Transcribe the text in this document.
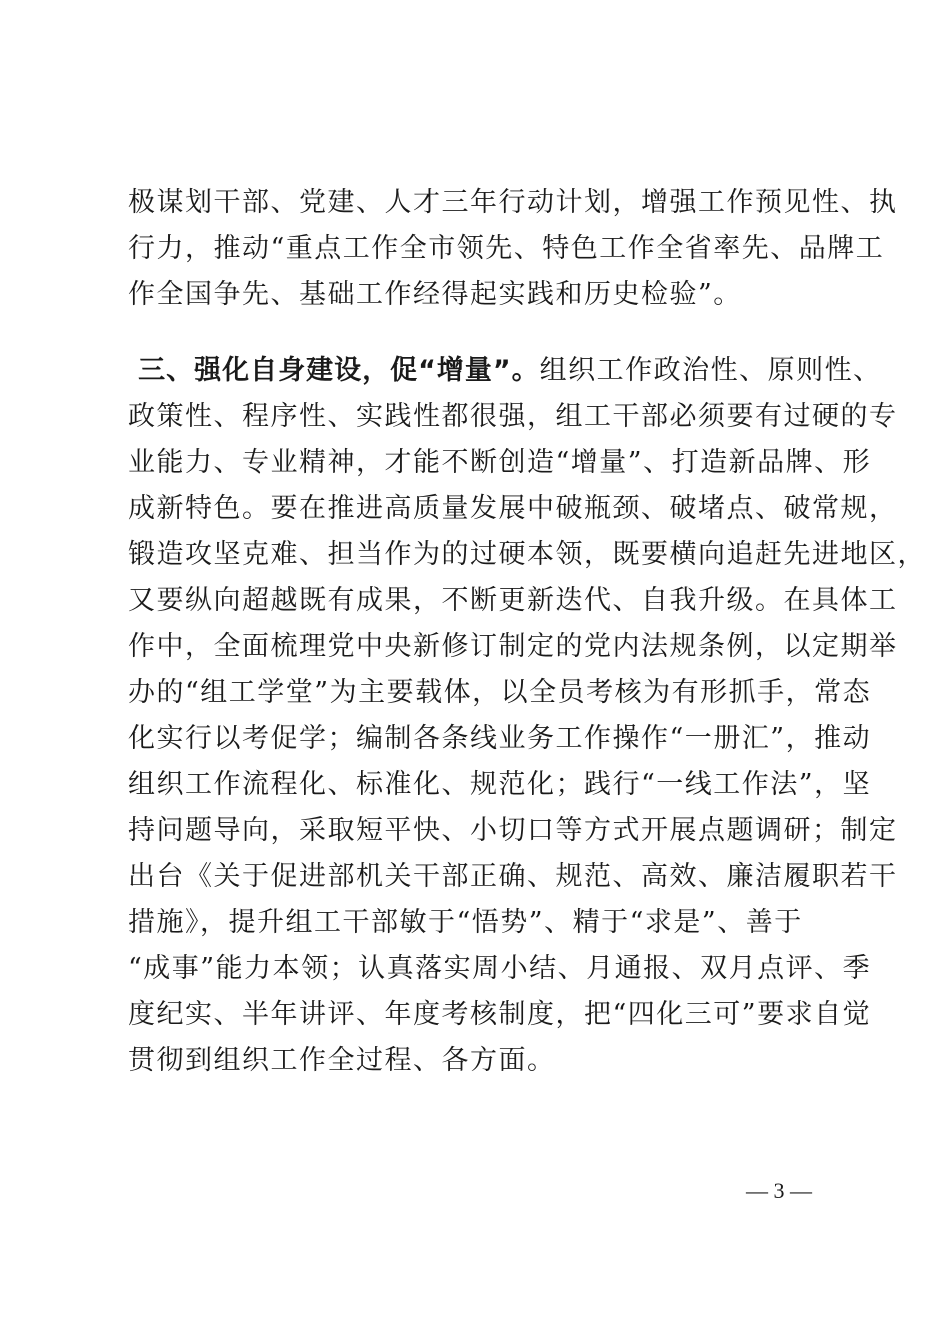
极谋划干部、党建、人才三年行动计划，增强工作预见性、执
行力，推动“重点工作全市领先、特色工作全省率先、品牌工
作全国争先、基础工作经得起实践和历史检验”。
三、强化自身建设，促“增量”。组织工作政治性、原则性、
政策性、程序性、实践性都很强，组工干部必须要有过硬的专
业能力、专业精神，才能不断创造“增量”、打造新品牌、形
成新特色。要在推进高质量发展中破瓶颈、破堵点、破常规，
锻造攻坚克难、担当作为的过硬本领，既要横向追赶先进地区，
又要纵向超越既有成果，不断更新迭代、自我升级。在具体工
作中，全面梳理党中央新修订制定的党内法规条例，以定期举
办的“组工学堂”为主要载体，以全员考核为有形抓手，常态
化实行以考促学；编制各条线业务工作操作“一册汇”，推动
组织工作流程化、标准化、规范化；践行“一线工作法”，坚
持问题导向，采取短平快、小切口等方式开展点题调研；制定
出台《关于促进部机关干部正确、规范、高效、廉洁履职若干
措施》，提升组工干部敏于“悟势”、精于“求是”、善于
“成事”能力本领；认真落实周小结、月通报、双月点评、季
度纪实、半年讲评、年度考核制度，把“四化三可”要求自觉
贯彻到组织工作全过程、各方面。
— 3 —
